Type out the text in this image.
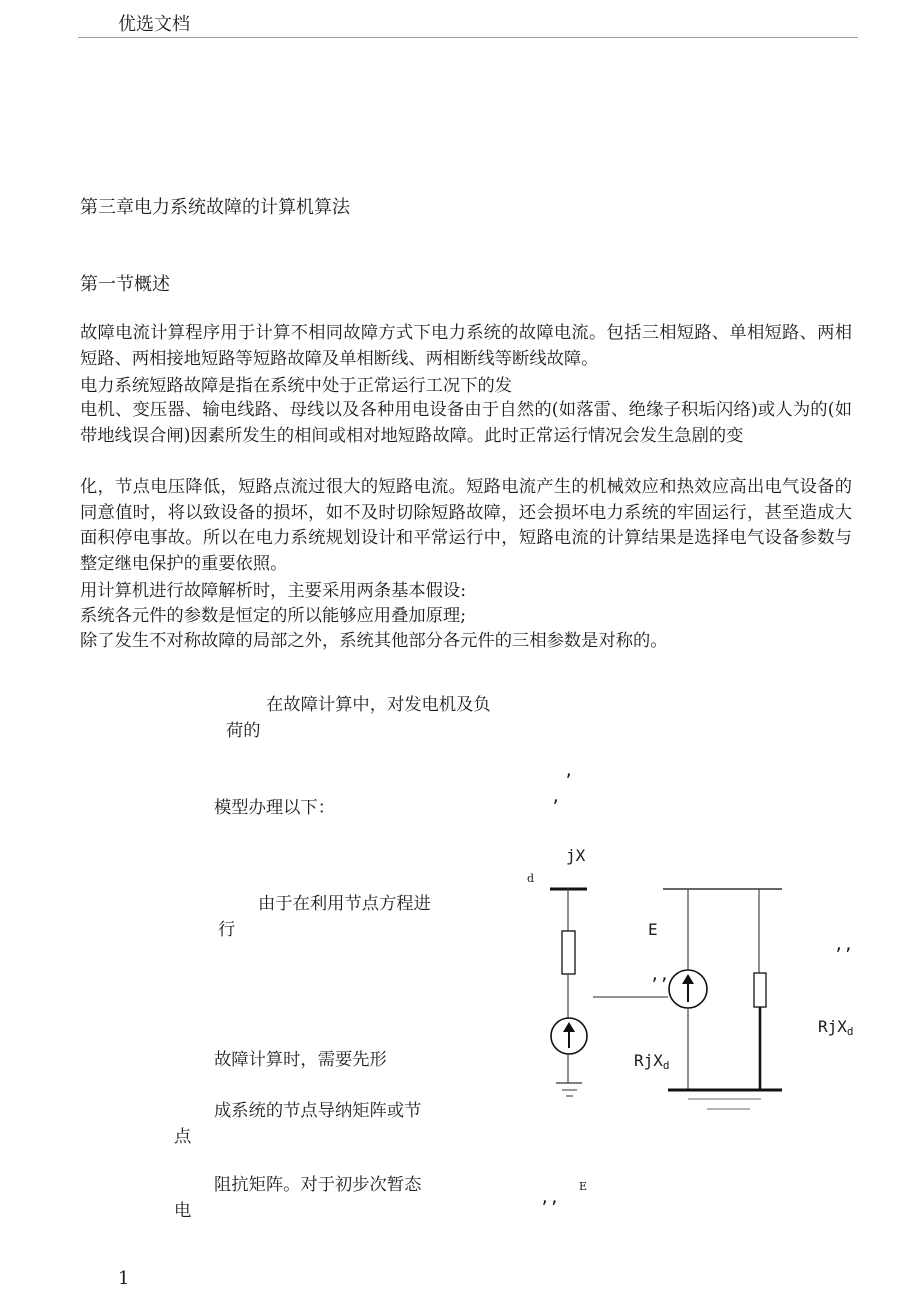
优选文档
第三章电力系统故障的计算机算法
第一节概述
故障电流计算程序用于计算不相同故障方式下电力系统的故障电流。包括三相短路、单相短路、两相短路、两相接地短路等短路故障及单相断线、两相断线等断线故障。
电力系统短路故障是指在系统中处于正常运行工况下的发
电机、变压器、输电线路、母线以及各种用电设备由于自然的(如落雷、绝缘子积垢闪络)或人为的(如带地线误合闸)因素所发生的相间或相对地短路故障。此时正常运行情况会发生急剧的变
化，节点电压降低，短路点流过很大的短路电流。短路电流产生的机械效应和热效应高出电气设备的同意值时，将以致设备的损坏，如不及时切除短路故障，还会损坏电力系统的牢固运行，甚至造成大面积停电事故。所以在电力系统规划设计和平常运行中，短路电流的计算结果是选择电气设备参数与整定继电保护的重要依照。
用计算机进行故障解析时，主要采用两条基本假设:
系统各元件的参数是恒定的所以能够应用叠加原理;
除了发生不对称故障的局部之外，系统其他部分各元件的三相参数是对称的。
在故障计算中，对发电机及负
荷的
模型办理以下：
由于在利用节点方程进
行
故障计算时，需要先形
成系统的节点导纳矩阵或节
点
阻抗矩阵。对于初步次暂态
电
,
,
jX
d
E
,,
,,
RjX$_d$
RjX$_d$
,,
E
1
